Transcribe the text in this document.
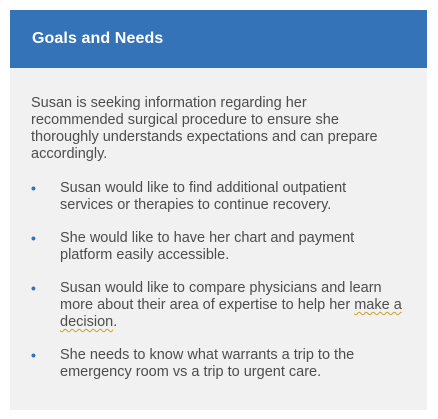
Goals and Needs

Susan is seeking information regarding her recommended surgical procedure to ensure she thoroughly understands expectations and can prepare accordingly.

• Susan would like to find additional outpatient services or therapies to continue recovery.
• She would like to have her chart and payment platform easily accessible.
• Susan would like to compare physicians and learn more about their area of expertise to help her make a decision.
• She needs to know what warrants a trip to the emergency room vs a trip to urgent care.
